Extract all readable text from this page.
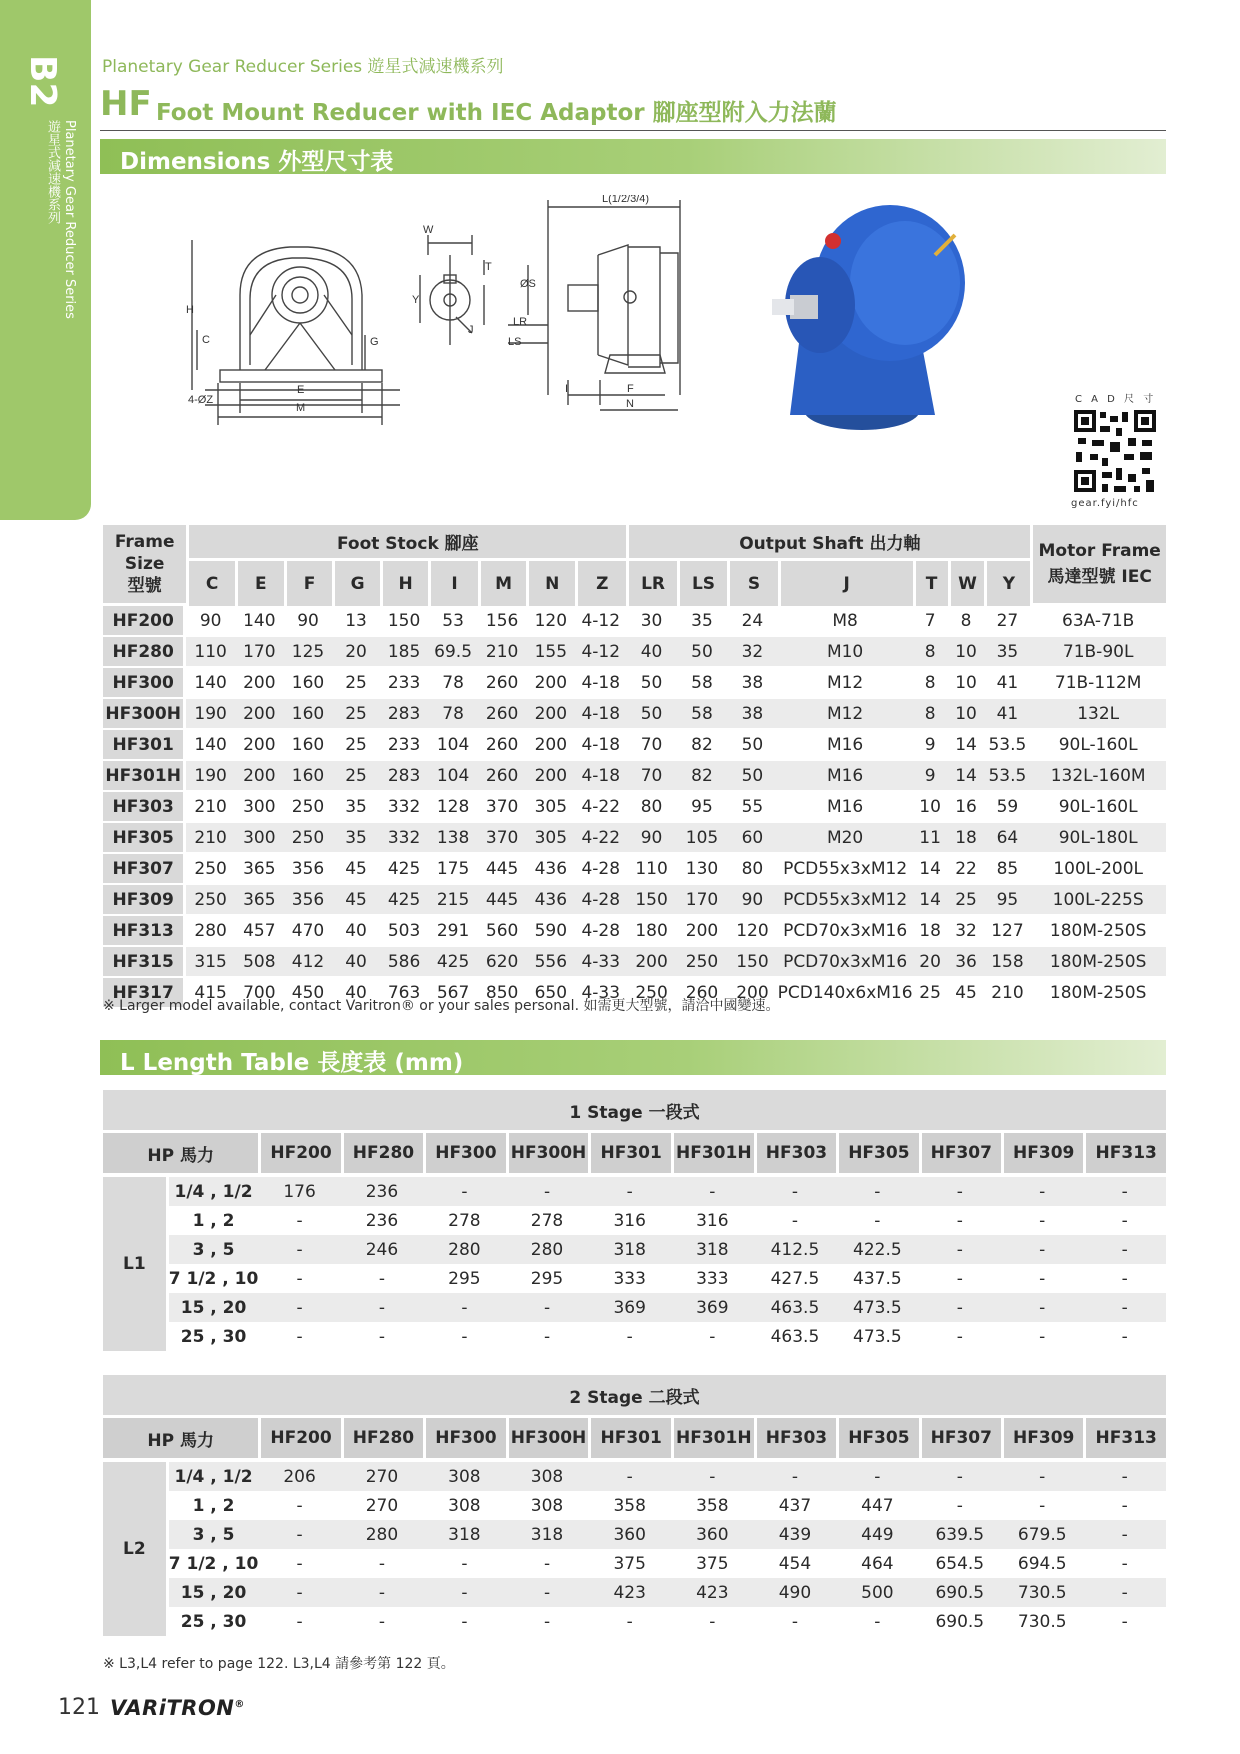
B2
Planetary Gear Reducer Series
遊星式減速機系列
Planetary Gear Reducer Series 遊星式減速機系列
HF Foot Mount Reducer with IEC Adaptor 腳座型附入力法蘭
Dimensions 外型尺寸表
H
C	G
E
M
4-ØZ
W
Y
T
J
L(1/2/3/4)
ØS
LR
LS
I	F
N	C A D 尺 寸
gear.fyi/hfc
Frame
Size
型號	Foot Stock 腳座									Output Shaft 出力軸							Motor Frame
馬達型號 IEC
	C	E	F	G	H	I	M	N	Z	LR	LS	S	J	T	W	Y	
HF200	90	140	90	13	150	53	156	120	4-12	30	35	24	M8	7	8	27	63A-71B
HF280	110	170	125	20	185	69.5	210	155	4-12	40	50	32	M10	8	10	35	71B-90L
HF300	140	200	160	25	233	78	260	200	4-18	50	58	38	M12	8	10	41	71B-112M
HF300H	190	200	160	25	283	78	260	200	4-18	50	58	38	M12	8	10	41	132L
HF301	140	200	160	25	233	104	260	200	4-18	70	82	50	M16	9	14	53.5	90L-160L
HF301H	190	200	160	25	283	104	260	200	4-18	70	82	50	M16	9	14	53.5	132L-160M
HF303	210	300	250	35	332	128	370	305	4-22	80	95	55	M16	10	16	59	90L-160L
HF305	210	300	250	35	332	138	370	305	4-22	90	105	60	M20	11	18	64	90L-180L
HF307	250	365	356	45	425	175	445	436	4-28	110	130	80	PCD55x3xM12	14	22	85	100L-200L
HF309	250	365	356	45	425	215	445	436	4-28	150	170	90	PCD55x3xM12	14	25	95	100L-225S
HF313	280	457	470	40	503	291	560	590	4-28	180	200	120	PCD70x3xM16	18	32	127	180M-250S
HF315	315	508	412	40	586	425	620	556	4-33	200	250	150	PCD70x3xM16	20	36	158	180M-250S
HF317	415	700	450	40	763	567	850	650	4-33	250	260	200	PCD140x6xM16	25	45	210	180M-250S
※ Larger model available, contact Varitron® or your sales personal. 如需更大型號，請洽中國變速。
L Length Table 長度表 (mm)
1 Stage 一段式												
HP 馬力		HF200	HF280	HF300	HF300H	HF301	HF301H	HF303	HF305	HF307	HF309	HF313
L1	1/4 , 1/2	176	236	-	-	-	-	-	-	-	-	-
	1 , 2	-	236	278	278	316	316	-	-	-	-	-
	3 , 5	-	246	280	280	318	318	412.5	422.5	-	-	-
	7 1/2 , 10	-	-	295	295	333	333	427.5	437.5	-	-	-
	15 , 20	-	-	-	-	369	369	463.5	473.5	-	-	-
	25 , 30	-	-	-	-	-	-	463.5	473.5	-	-	-
2 Stage 二段式												
HP 馬力		HF200	HF280	HF300	HF300H	HF301	HF301H	HF303	HF305	HF307	HF309	HF313
L2	1/4 , 1/2	206	270	308	308	-	-	-	-	-	-	-
	1 , 2	-	270	308	308	358	358	437	447	-	-	-
	3 , 5	-	280	318	318	360	360	439	449	639.5	679.5	-
	7 1/2 , 10	-	-	-	-	375	375	454	464	654.5	694.5	-
	15 , 20	-	-	-	-	423	423	490	500	690.5	730.5	-
	25 , 30	-	-	-	-	-	-	-	-	690.5	730.5	-
※ L3,L4 refer to page 122. L3,L4 請參考第 122 頁。
121 VARiTRON®
